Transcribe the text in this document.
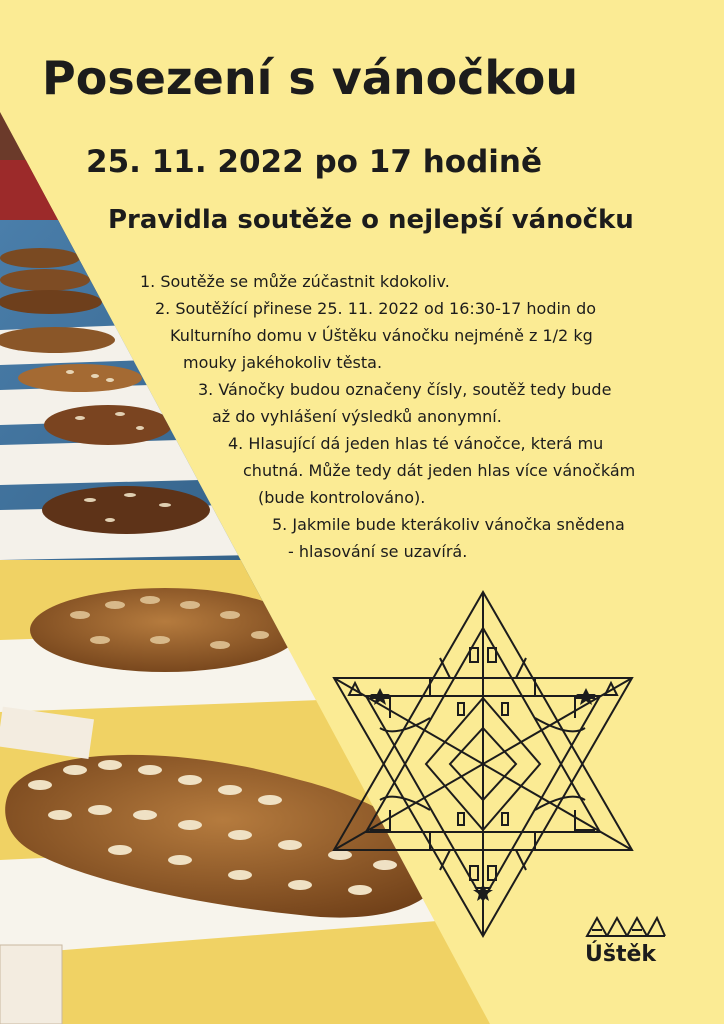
Posezení s vánočkou
25. 11. 2022 po 17 hodině
Pravidla soutěže o nejlepší vánočku
1. Soutěže se může zúčastnit kdokoliv.
2. Soutěžící přinese 25. 11. 2022 od 16:30-17 hodin do
Kulturního domu v Úštěku vánočku nejméně z 1/2 kg
mouky jakéhokoliv těsta.
3. Vánočky budou označeny čísly, soutěž tedy bude
až do vyhlášení výsledků anonymní.
4. Hlasující dá jeden hlas té vánočce, která mu
chutná. Může tedy dát jeden hlas více vánočkám
(bude kontrolováno).
5. Jakmile bude kterákoliv vánočka snědena
- hlasování se uzavírá.
Úštěk
